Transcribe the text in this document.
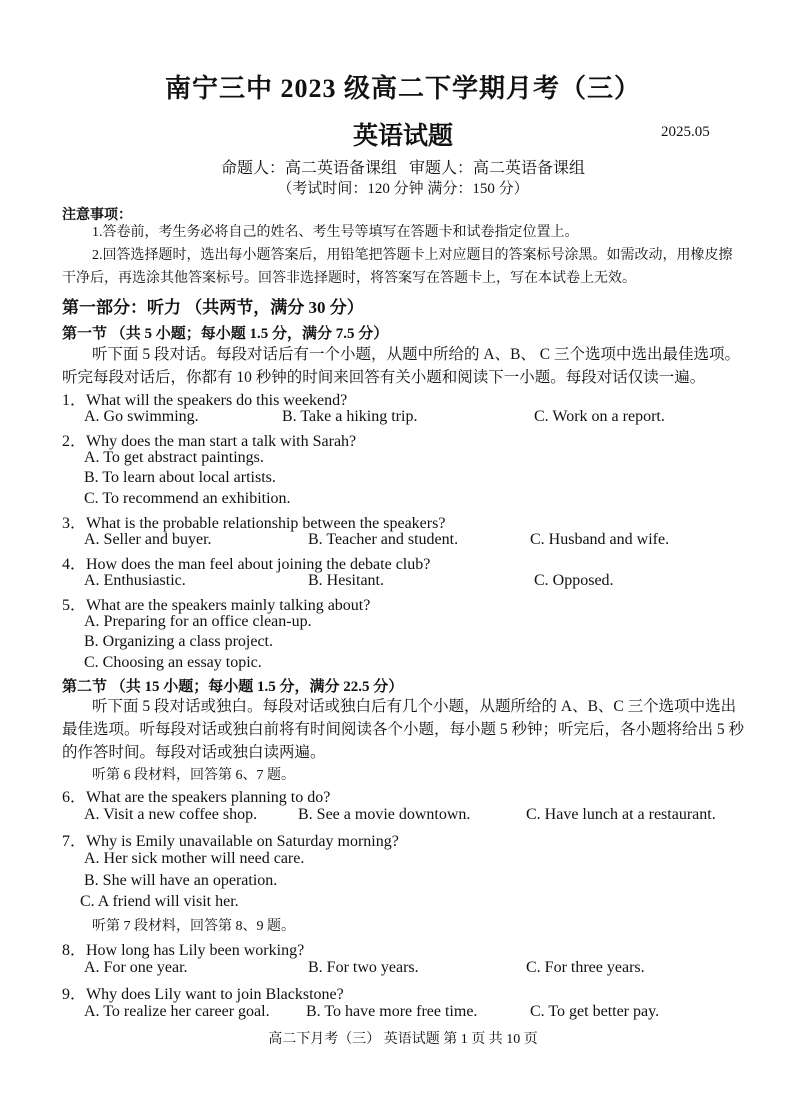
南宁三中 2023 级高二下学期月考（三）
英语试题	2025.05
命题人：高二英语备课组 审题人：高二英语备课组
（考试时间：120 分钟 满分：150 分）
注意事项：
1.答卷前，考生务必将自己的姓名、考生号等填写在答题卡和试卷指定位置上。
2.回答选择题时，选出每小题答案后，用铅笔把答题卡上对应题目的答案标号涂黑。如需改动，用橡皮擦干净后，再选涂其他答案标号。回答非选择题时，将答案写在答题卡上，写在本试卷上无效。
第一部分：听力 （共两节，满分 30 分）
第一节 （共 5 小题；每小题 1.5 分，满分 7.5 分）
听下面 5 段对话。每段对话后有一个小题，从题中所给的 A、B、 C 三个选项中选出最佳选项。听完每段对话后，你都有 10 秒钟的时间来回答有关小题和阅读下一小题。每段对话仅读一遍。
1．What will the speakers do this weekend?
A. Go swimming.	B. Take a hiking trip.	C. Work on a report.
2．Why does the man start a talk with Sarah?
A. To get abstract paintings.
B. To learn about local artists.
C. To recommend an exhibition.
3．What is the probable relationship between the speakers?
A. Seller and buyer.	B. Teacher and student.	C. Husband and wife.
4．How does the man feel about joining the debate club?
A. Enthusiastic.	B. Hesitant.	C. Opposed.
5．What are the speakers mainly talking about?
A. Preparing for an office clean-up.
B. Organizing a class project.
C. Choosing an essay topic.
第二节 （共 15 小题；每小题 1.5 分，满分 22.5 分）
听下面 5 段对话或独白。每段对话或独白后有几个小题，从题所给的 A、B、C 三个选项中选出最佳选项。听每段对话或独白前将有时间阅读各个小题，每小题 5 秒钟；听完后，各小题将给出 5 秒的作答时间。每段对话或独白读两遍。
听第 6 段材料，回答第 6、7 题。
6．What are the speakers planning to do?
A. Visit a new coffee shop.	B. See a movie downtown.	C. Have lunch at a restaurant.
7．Why is Emily unavailable on Saturday morning?
A. Her sick mother will need care.
B. She will have an operation.
C. A friend will visit her.
听第 7 段材料，回答第 8、9 题。
8．How long has Lily been working?
A. For one year.	B. For two years.	C. For three years.
9．Why does Lily want to join Blackstone?
A. To realize her career goal. B. To have more free time.	C. To get better pay.
高二下月考（三） 英语试题 第 1 页 共 10 页
